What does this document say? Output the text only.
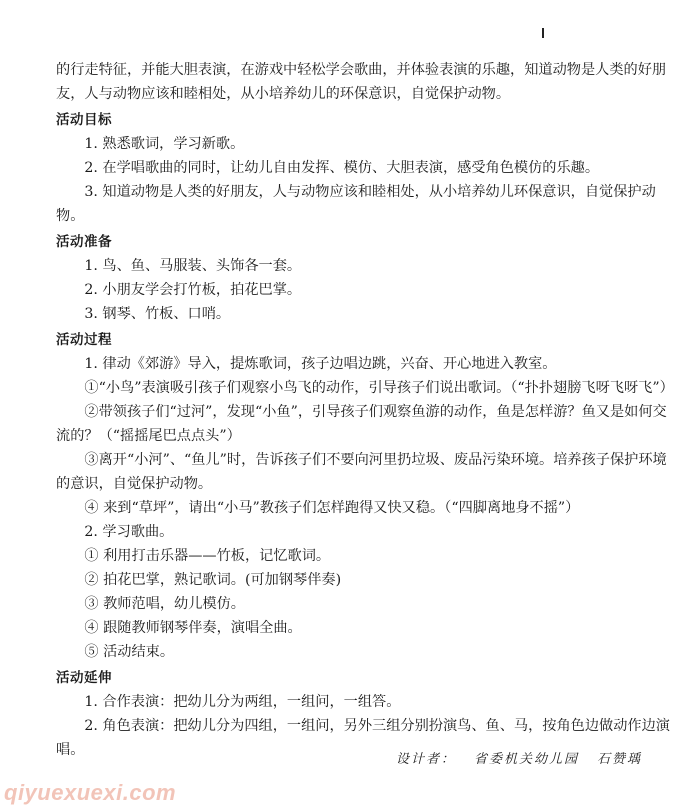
的行走特征，并能大胆表演，在游戏中轻松学会歌曲，并体验表演的乐趣，知道动物是人类的好朋友，人与动物应该和睦相处，从小培养幼儿的环保意识，自觉保护动物。

活动目标

1. 熟悉歌词，学习新歌。

2. 在学唱歌曲的同时，让幼儿自由发挥、模仿、大胆表演，感受角色模仿的乐趣。

3. 知道动物是人类的好朋友，人与动物应该和睦相处，从小培养幼儿环保意识，自觉保护动物。

活动准备

1. 鸟、鱼、马服装、头饰各一套。

2. 小朋友学会打竹板，拍花巴掌。

3. 钢琴、竹板、口哨。

活动过程

1. 律动《郊游》导入，提炼歌词，孩子边唱边跳，兴奋、开心地进入教室。

①“小鸟”表演吸引孩子们观察小鸟飞的动作，引导孩子们说出歌词。（“扑扑翅膀飞呀飞呀飞”）

②带领孩子们“过河”，发现“小鱼”，引导孩子们观察鱼游的动作，鱼是怎样游？鱼又是如何交流的？（“摇摇尾巴点点头”）

③离开“小河”、“鱼儿”时，告诉孩子们不要向河里扔垃圾、废品污染环境。培养孩子保护环境的意识，自觉保护动物。

④ 来到“草坪”，请出“小马”教孩子们怎样跑得又快又稳。（“四脚离地身不摇”）

2. 学习歌曲。

① 利用打击乐器——竹板，记忆歌词。

② 拍花巴掌，熟记歌词。(可加钢琴伴奏)

③ 教师范唱，幼儿模仿。

④ 跟随教师钢琴伴奏，演唱全曲。

⑤ 活动结束。

活动延伸

1. 合作表演：把幼儿分为两组，一组问，一组答。

2. 角色表演：把幼儿分为四组，一组问，另外三组分别扮演鸟、鱼、马，按角色边做动作边演唱。

设计者： 省委机关幼儿园 石赞瑀
qiyuexuexi.com
